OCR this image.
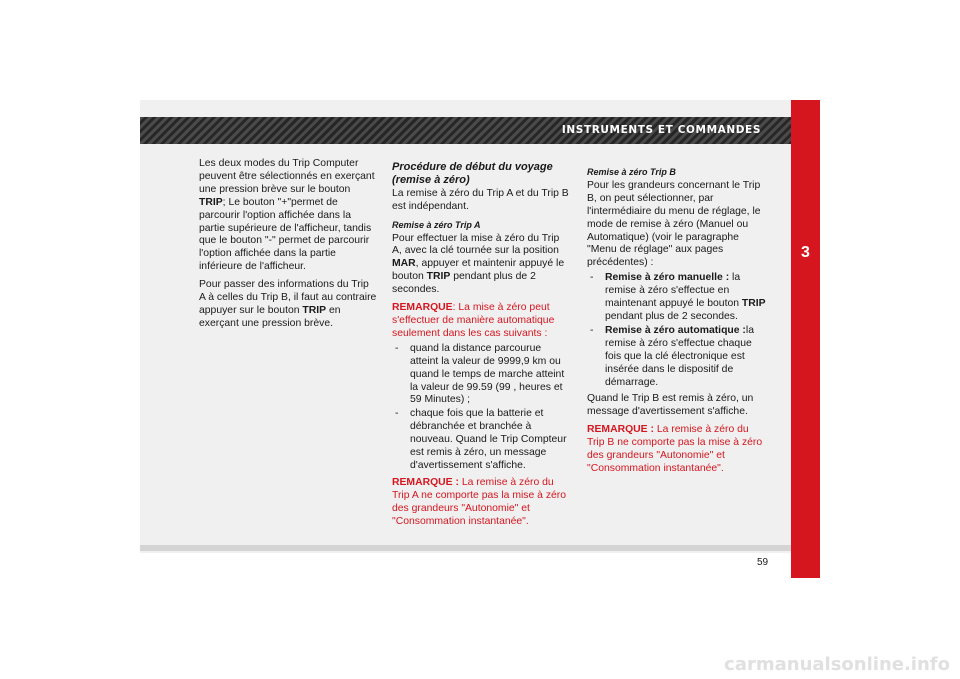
INSTRUMENTS ET COMMANDES
3

Les deux modes du Trip Computer peuvent être sélectionnés en exerçant une pression brève sur le bouton TRIP; Le bouton "+"permet de parcourir l'option affichée dans la partie supérieure de l'afficheur, tandis que le bouton "-" permet de parcourir l'option affichée dans la partie inférieure de l'afficheur.

Pour passer des informations du Trip A à celles du Trip B, il faut au contraire appuyer sur le bouton TRIP en exerçant une pression brève.

Procédure de début du voyage (remise à zéro)

La remise à zéro du Trip A et du Trip B est indépendant.

Remise à zéro Trip A

Pour effectuer la mise à zéro du Trip A, avec la clé tournée sur la position MAR, appuyer et maintenir appuyé le bouton TRIP pendant plus de 2 secondes.

REMARQUE: La mise à zéro peut s'effectuer de manière automatique seulement dans les cas suivants :

- quand la distance parcourue atteint la valeur de 9999,9 km ou quand le temps de marche atteint la valeur de 99.59 (99 , heures et 59 Minutes) ;
- chaque fois que la batterie et débranchée et branchée à nouveau. Quand le Trip Compteur est remis à zéro, un message d'avertissement s'affiche.

REMARQUE : La remise à zéro du Trip A ne comporte pas la mise à zéro des grandeurs "Autonomie" et "Consommation instantanée".

Remise à zéro Trip B

Pour les grandeurs concernant le Trip B, on peut sélectionner, par l'intermédiaire du menu de réglage, le mode de remise à zéro (Manuel ou Automatique) (voir le paragraphe "Menu de réglage" aux pages précédentes) :

- Remise à zéro manuelle : la remise à zéro s'effectue en maintenant appuyé le bouton TRIP pendant plus de 2 secondes.
- Remise à zéro automatique :la remise à zéro s'effectue chaque fois que la clé électronique est insérée dans le dispositif de démarrage.

Quand le Trip B est remis à zéro, un message d'avertissement s'affiche.

REMARQUE : La remise à zéro du Trip B ne comporte pas la mise à zéro des grandeurs "Autonomie" et "Consommation instantanée".

59
carmanualsonline.info
